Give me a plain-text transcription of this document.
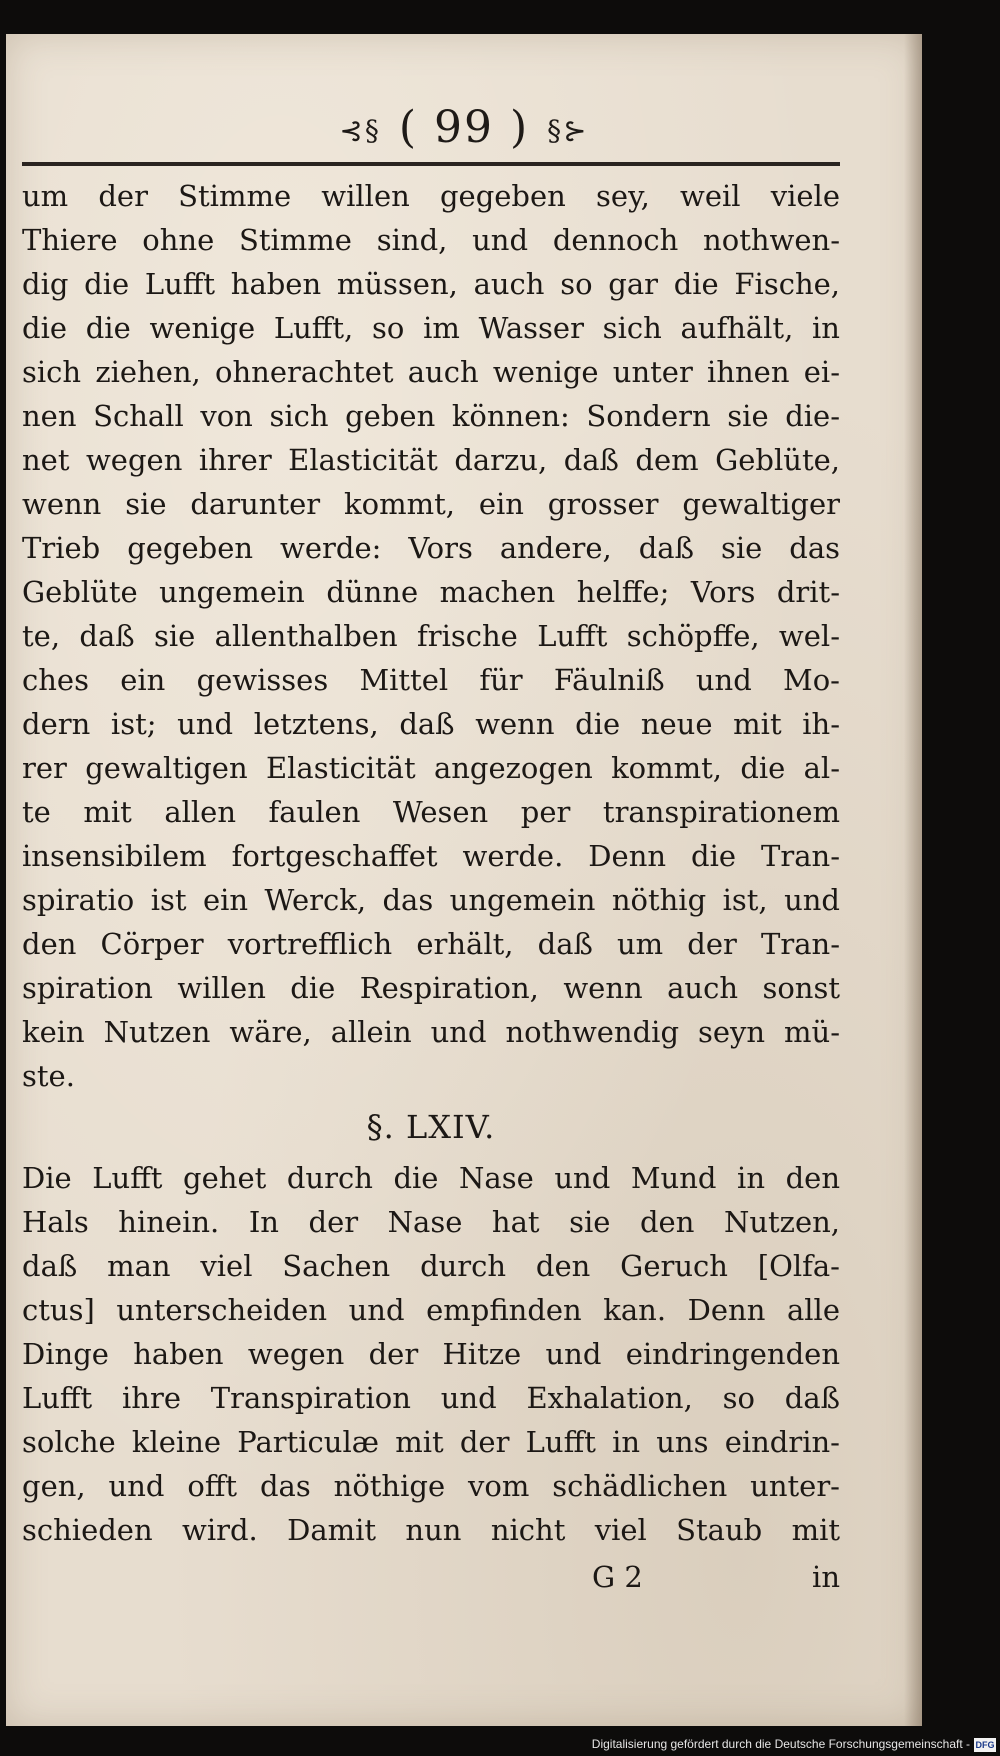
⊰§ ( 99 ) §⊱
um der Stimme willen gegeben sey, weil viele
Thiere ohne Stimme sind, und dennoch nothwen-
dig die Lufft haben müssen, auch so gar die Fische,
die die wenige Lufft, so im Wasser sich aufhält, in
sich ziehen, ohnerachtet auch wenige unter ihnen ei-
nen Schall von sich geben können: Sondern sie die-
net wegen ihrer Elasticität darzu, daß dem Geblüte,
wenn sie darunter kommt, ein grosser gewaltiger
Trieb gegeben werde: Vors andere, daß sie das
Geblüte ungemein dünne machen helffe; Vors drit-
te, daß sie allenthalben frische Lufft schöpffe, wel-
ches ein gewisses Mittel für Fäulniß und Mo-
dern ist; und letztens, daß wenn die neue mit ih-
rer gewaltigen Elasticität angezogen kommt, die al-
te mit allen faulen Wesen per transpirationem
insensibilem fortgeschaffet werde. Denn die Tran-
spiratio ist ein Werck, das ungemein nöthig ist, und
den Cörper vortrefflich erhält, daß um der Tran-
spiration willen die Respiration, wenn auch sonst
kein Nutzen wäre, allein und nothwendig seyn mü-
ste.
§. LXIV.
Die Lufft gehet durch die Nase und Mund in den
Hals hinein. In der Nase hat sie den Nutzen,
daß man viel Sachen durch den Geruch [Olfa-
ctus] unterscheiden und empfinden kan. Denn alle
Dinge haben wegen der Hitze und eindringenden
Lufft ihre Transpiration und Exhalation, so daß
solche kleine Particulæ mit der Lufft in uns eindrin-
gen, und offt das nöthige vom schädlichen unter-
schieden wird. Damit nun nicht viel Staub mit
G 2	in
Digitalisierung gefördert durch die Deutsche Forschungsgemeinschaft - DFG
